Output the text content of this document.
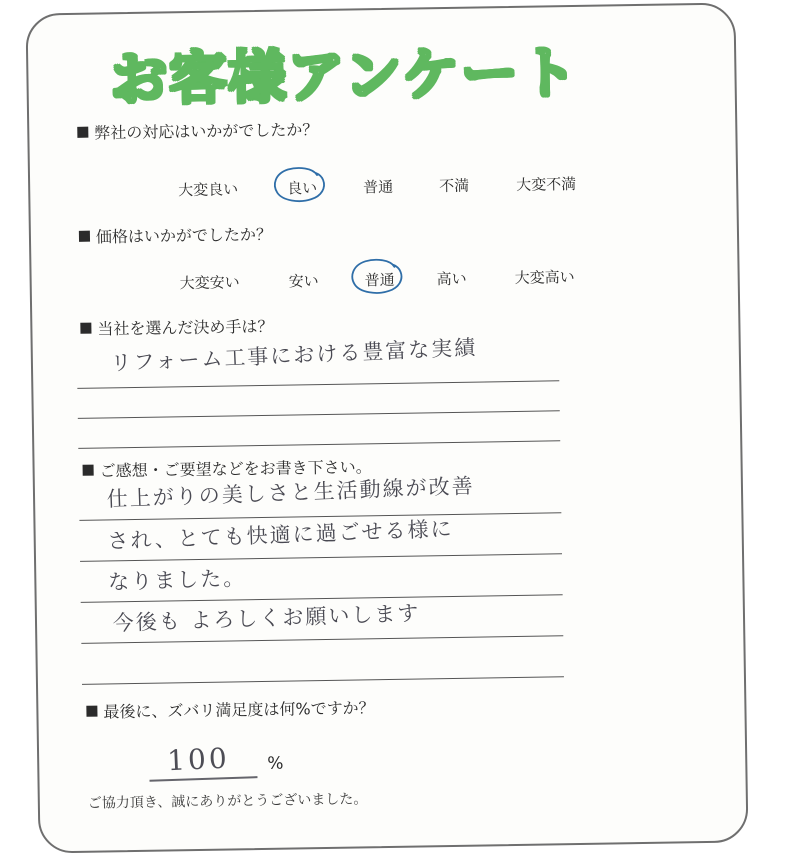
お客様アンケート
弊社の対応はいかがでしたか？
大変良い	良い	普通	不満	大変不満
価格はいかがでしたか？
大変安い	安い	普通	高い	大変高い
当社を選んだ決め手は？
リフォーム工事における豊富な実績
ご感想・ご要望などをお書き下さい。
仕上がりの美しさと生活動線が改善
され、とても快適に過ごせる様に
なりました。
今後も よろしくお願いします
最後に、ズバリ満足度は何%ですか？
100 %
ご協力頂き、誠にありがとうございました。
